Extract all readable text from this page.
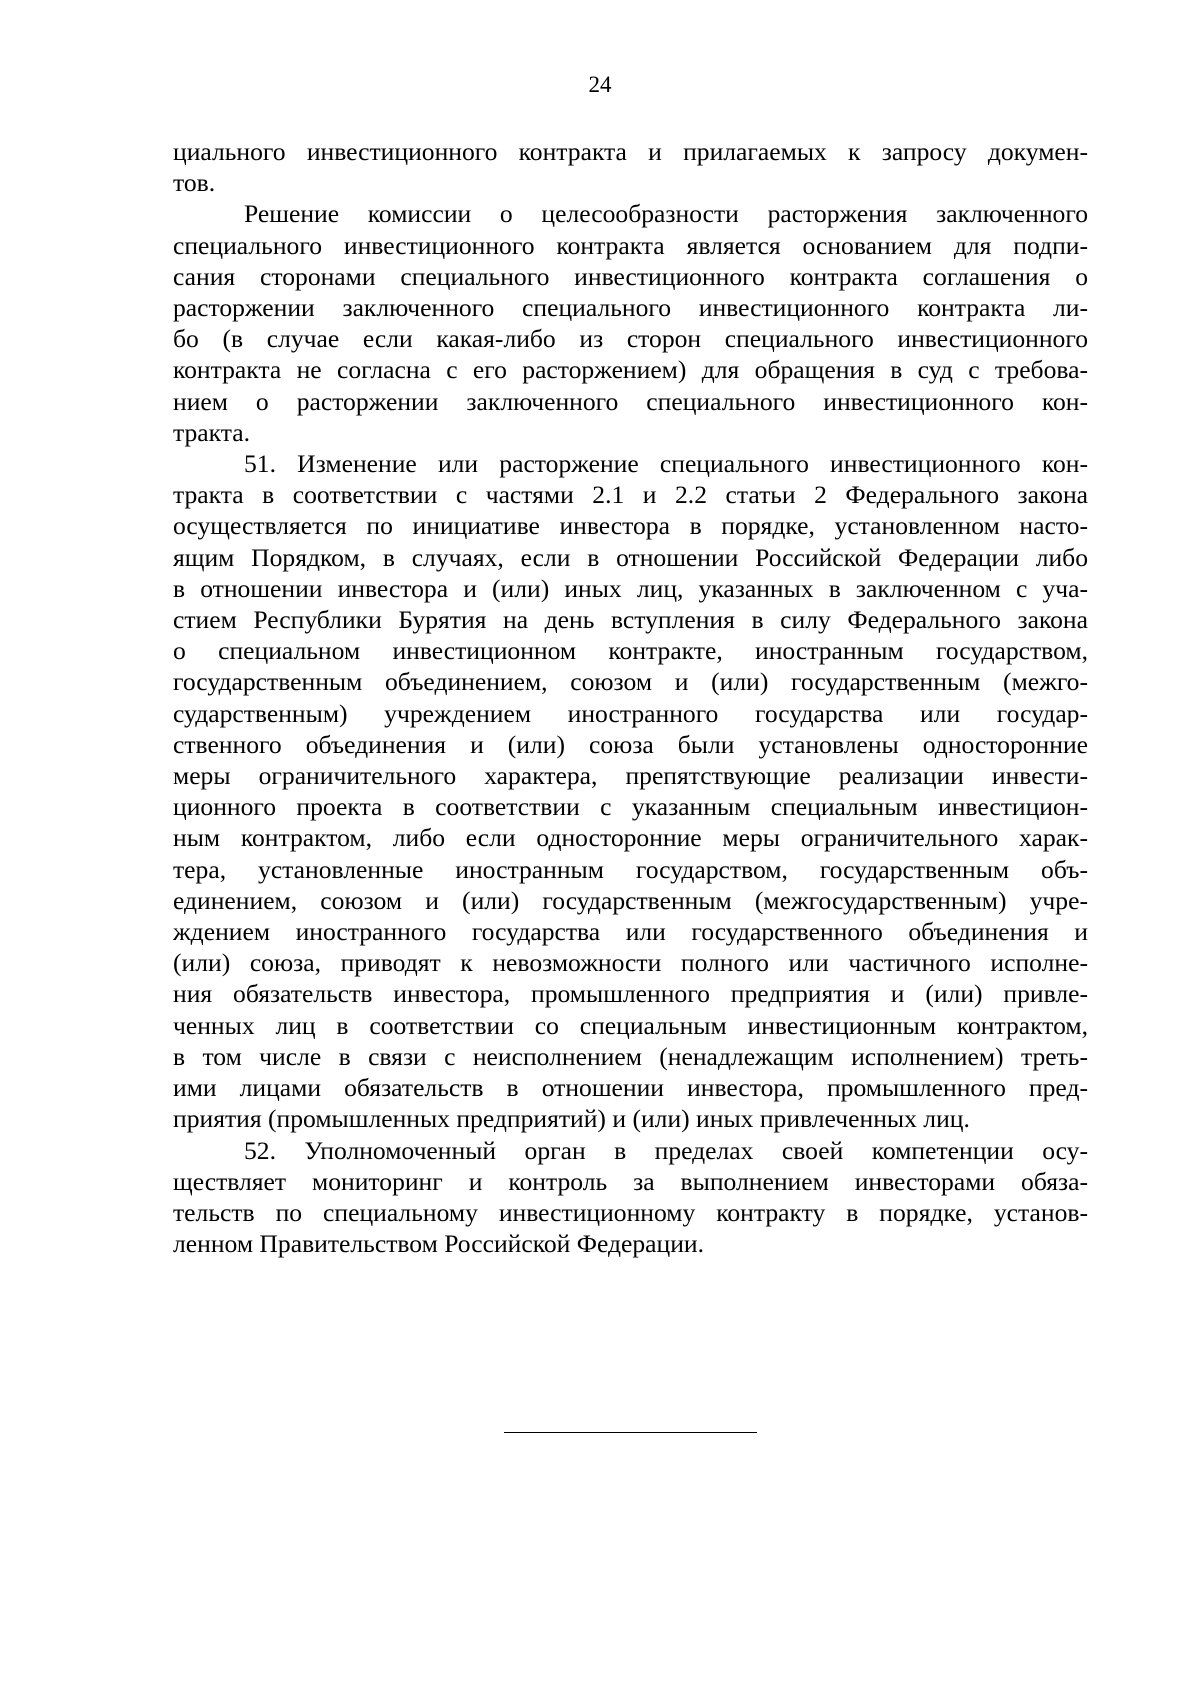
24
циального инвестиционного контракта и прилагаемых к запросу докумен-
тов.
Решение комиссии о целесообразности расторжения заключенного
специального инвестиционного контракта является основанием для подпи-
сания сторонами специального инвестиционного контракта соглашения о
расторжении заключенного специального инвестиционного контракта ли-
бо (в случае если какая-либо из сторон специального инвестиционного
контракта не согласна с его расторжением) для обращения в суд с требова-
нием о расторжении заключенного специального инвестиционного кон-
тракта.
51. Изменение или расторжение специального инвестиционного кон-
тракта в соответствии с частями 2.1 и 2.2 статьи 2 Федерального закона
осуществляется по инициативе инвестора в порядке, установленном насто-
ящим Порядком, в случаях, если в отношении Российской Федерации либо
в отношении инвестора и (или) иных лиц, указанных в заключенном с уча-
стием Республики Бурятия на день вступления в силу Федерального закона
о специальном инвестиционном контракте, иностранным государством,
государственным объединением, союзом и (или) государственным (межго-
сударственным) учреждением иностранного государства или государ-
ственного объединения и (или) союза были установлены односторонние
меры ограничительного характера, препятствующие реализации инвести-
ционного проекта в соответствии с указанным специальным инвестицион-
ным контрактом, либо если односторонние меры ограничительного харак-
тера, установленные иностранным государством, государственным объ-
единением, союзом и (или) государственным (межгосударственным) учре-
ждением иностранного государства или государственного объединения и
(или) союза, приводят к невозможности полного или частичного исполне-
ния обязательств инвестора, промышленного предприятия и (или) привле-
ченных лиц в соответствии со специальным инвестиционным контрактом,
в том числе в связи с неисполнением (ненадлежащим исполнением) треть-
ими лицами обязательств в отношении инвестора, промышленного пред-
приятия (промышленных предприятий) и (или) иных привлеченных лиц.
52. Уполномоченный орган в пределах своей компетенции осу-
ществляет мониторинг и контроль за выполнением инвесторами обяза-
тельств по специальному инвестиционному контракту в порядке, установ-
ленном Правительством Российской Федерации.
